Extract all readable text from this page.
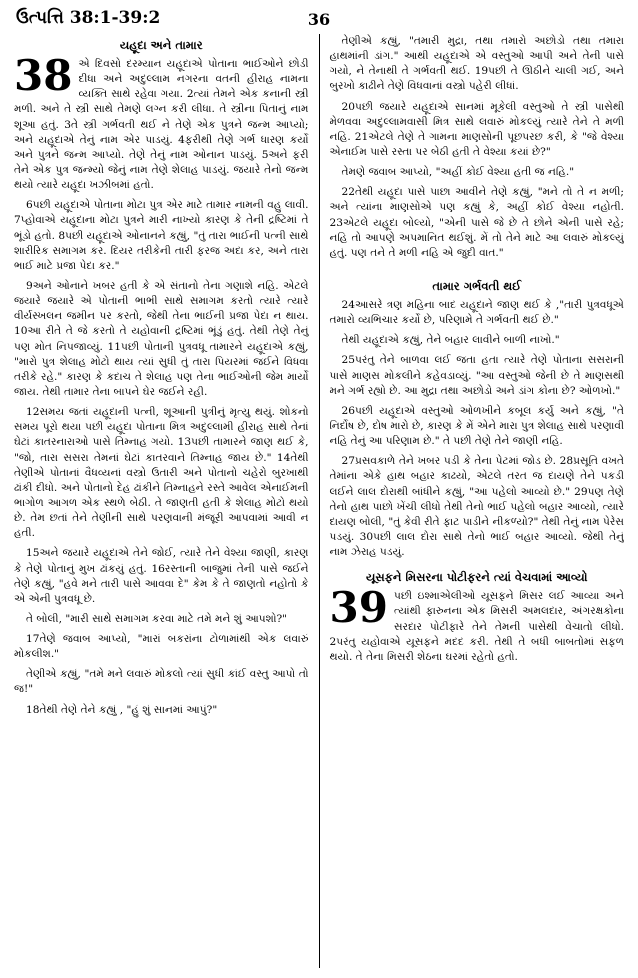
ઉત્પત્તિ 38:1-39:2	36
યહૂદા અને તામાર

38 એ દિવસો દરમ્યાન યહૂદાએ પોતાના ભાઈઓને છોડી દીધા અને અદુલ્લામ નગરના વતની હીરાહ નામના વ્યક્તિ સાથે રહેવા ગયા. 2ત્યાં તેમને એક કનાની સ્ત્રી મળી. અને તે સ્ત્રી સાથે તેમણે લગ્ન કરી લીધા. તે સ્ત્રીના પિતાનું નામ શૂઆ હતું. 3તે સ્ત્રી ગર્ભવતી થઈ ને તેણે એક પુત્રને જન્મ આપ્યો; અને યહૂદાએ તેનું નામ એર પાડયું. 4ફરીથી તેણે ગર્ભ ધારણ કર્યો અને પુત્રને જન્મ આપ્યો. તેણે તેનું નામ ઓનાન પાડયું. 5અને ફરી તેને એક પુત્ર જન્મ્યો જેનું નામ તેણે શેલાહ પાડયું. જયારે તેનો જન્મ થયો ત્યારે યહૂદા ખઝીબમાં હતો.

6પછી યહૂદાએ પોતાના મોટા પુત્ર એર માટે તામાર નામની વહુ લાવી. 7પ્હોવાએ યહૂદાના મોટા પુત્રને મારી નાખ્યો કારણ કે તેની દ્રષ્ટિમાં તે ભૂંડો હતો. 8પછી યહૂદાએ ઓનાનને કહ્યું, "તું તારા ભાઈની પત્ની સાથે શારીરિક સમાગમ કર. દિયર તરીકેની તારી ફરજ અદા કર, અને તારા ભાઈ માટે પ્રજા પેદા કર."

9અને ઓનાને ખબર હતી કે એ સંતાનો તેના ગણાશે નહિ. એટલે જયારે જયારે એ પોતાની ભાભી સાથે સમાગમ કરતો ત્યારે ત્યારે વીર્યસ્ખલન જમીન પર કરતો, જેથી તેના ભાઈની પ્રજા પેદા ન થાય. 10આ રીતે તે જે કરતો તે યહોવાની દ્રષ્ટિમાં ભૂંડું હતું. તેથી તેણે તેનું પણ મોત નિપજાવ્યું. 11પછી પોતાની પુત્રવધૂ તામારને યહૂદાએ કહ્યું, "મારો પુત્ર શેલાહ મોટો થાય ત્યાં સુધી તું તારા પિયરમાં જઈને વિધવા તરીકે રહે." કારણ કે કદાચ તે શેલાહ પણ તેના ભાઈઓની જેમ માર્યો જાય. તેથી તામાર તેના બાપને ઘેર જઈને રહી.

12સમય જતાં યહૂદાની પત્ની, શૂઆની પુત્રીનું મૃત્યુ થયું. શોકનો સમય પૂરો થયા પછી યહૂદા પોતાના મિત્ર અદુલ્લામી હીરાહ સાથે તેનાં ઘેટાં કાતરનારાઓ પાસે તિમ્નાહ ગયો. 13પછી તામારને જાણ થઈ કે, "જો, તારા સસરા તેમનાં ઘેટાં કાતરવાને તિમ્નાહ જાય છે." 14તેથી તેણીએ પોતાનાં વૈધવ્યનાં વસ્ત્રો ઉતારી અને પોતાનો ચહેરો બુરખાથી ઢાંકી દીધો. અને પોતાનો દેહ ઢાંકીને તિમ્નાહને રસ્તે આવેલ એનાઈમની ભાગોળ આગળ એક સ્થળે બેઠી. તે જાણતી હતી કે શેલાહ મોટો થયો છે. તેમ છતાં તેને તેણીની સાથે પરણવાની મંજૂરી આપવામાં આવી ન હતી.

15અને જયારે યહૂદાએ તેને જોઈ, ત્યારે તેને વેશ્યા જાણી, કારણ કે તેણે પોતાનું મુખ ઢાંકયું હતું. 16રસ્તાની બાજુમાં તેની પાસે જઈને તેણે કહ્યું, "હવે મને તારી પાસે આવવા દે" કેમ કે તે જાણતો નહોતો કે એ એની પુત્રવધૂ છે.

તે બોલી, "મારી સાથે સમાગમ કરવા માટે તમે મને શું આપશો?"

17તેણે જવાબ આપ્યો, "મારાં બકરાંના ટોળામાંથી એક લવારું મોકલીશ."

તેણીએ કહ્યું, "તમે મને લવારું મોકલો ત્યાં સુધી કાંઈ વસ્તુ આપો તો જ!"

18તેથી તેણે તેને કહ્યું , "હું શું સાનમાં આપું?"

તેણીએ કહ્યું, "તમારી મુદ્રા, તથા તમારો અછોડો તથા તમારા હાથમાંની ડાંગ." આથી યહૂદાએ એ વસ્તુઓ આપી અને તેની પાસે ગયો, ને તેનાથી તે ગર્ભવતી થઈ. 19પછી તે ઊઠીને ચાલી ગઈ, અને બુરખો કાઢીને તેણે વિધવાનાં વસ્ત્રો પહેરી લીધાં.

20પછી જયારે યહૂદાએ સાનમાં મૂકેલી વસ્તુઓ તે સ્ત્રી પાસેથી મેળવવા અદુલ્લામવાસી મિત્ર સાથે લવારું મોકલ્યું ત્યારે તેને તે મળી નહિ. 21એટલે તેણે તે ગામના માણસોની પૂછપરછ કરી, કે "જે વેશ્યા એનાઈમ પાસે રસ્તા પર બેઠી હતી તે વેશ્યા કયાં છે?"

તેમણે જવાબ આપ્યો, "અહીં કોઈ વેશ્યા હતી જ નહિ."

22તેથી યહૂદા પાસે પાછા આવીને તેણે કહ્યું, "મને તો તે ન મળી; અને ત્યાંના માણસોએ પણ કહ્યું કે, અહીં કોઈ વેશ્યા નહોતી. 23એટલે યહૂદા બોલ્યો, "એની પાસે જે છે તે છોને એની પાસે રહે; નહિ તો આપણે અપમાનિત થઈશું. મેં તો તેને માટે આ લવારું મોકલ્યું હતું. પણ તને તે મળી નહિ એ જુદી વાત."

તામાર ગર્ભવતી થઈ

24આસરે ત્રણ મહિના બાદ યહૂદાને જાણ થઈ કે ,"તારી પુત્રવધૂએ તમારો વ્યભિચાર કર્યો છે, પરિણામે તે ગર્ભવતી થઈ છે."

તેથી યહૂદાએ કહ્યું, તેને બહાર લાવીને બાળી નાખો."

25પરંતુ તેને બાળવા લઈ જતા હતા ત્યારે તેણે પોતાના સસરાની પાસે માણસ મોકલીને કહેવડાવ્યું. "આ વસ્તુઓ જેની છે તે માણસથી મને ગર્ભ રહ્યો છે. આ મુદ્રા તથા અછોડો અને ડાંગ કોના છે? ઓળખો."

26પછી યહૂદાએ વસ્તુઓ ઓળખીને કબૂલ કર્યુ અને કહ્યું, "તે નિર્દોષ છે, દોષ મારો છે, કારણ કે મેં એને મારા પુત્ર શેલાહ સાથે પરણાવી નહિ તેનું આ પરિણામ છે." તે પછી તેણે તેને જાણી નહિ.

27પ્રસવકાળે તેને ખબર પડી કે તેના પેટમાં જોડ છે. 28પ્રસૂતિ વખતે તેમાંના એકે હાથ બહાર કાઢયો, એટલે તરત જ દાયણે તેને પકડી લઈને લાલ દોરાથી બાંધીને કહ્યું, "આ પહેલો આવ્યો છે." 29પણ તેણે તેનો હાથ પાછો ખેંચી લીધો તેથી તેનો ભાઈ પહેલો બહાર આવ્યો, ત્યારે દાયણ બોલી, "તું કેવી રીતે ફાટ પાડીને નીકળ્યો?" તેથી તેનું નામ પેરેસ પડયું. 30પછી લાલ દોરા સાથે તેનો ભાઈ બહાર આવ્યો. જેથી તેનું નામ ઝેરાહ પડયું.

યૂસફને મિસરના પોટીફરને ત્યાં વેચવામાં આવ્યો

39 પછી ઇશ્માએલીઓ યૂસફને મિસર લઈ આવ્યા અને ત્યાંથી ફારુનના એક મિસરી અમલદાર, અંગરક્ષકોના સરદાર પોટીફારે તેને તેમની પાસેથી વેચાતો લીધો. 2પરંતુ યહોવાએ યૂસફને મદદ કરી. તેથી તે બધી બાબતોમાં સફળ થયો. તે તેના મિસરી શેઠના ઘરમાં રહેતો હતો.
